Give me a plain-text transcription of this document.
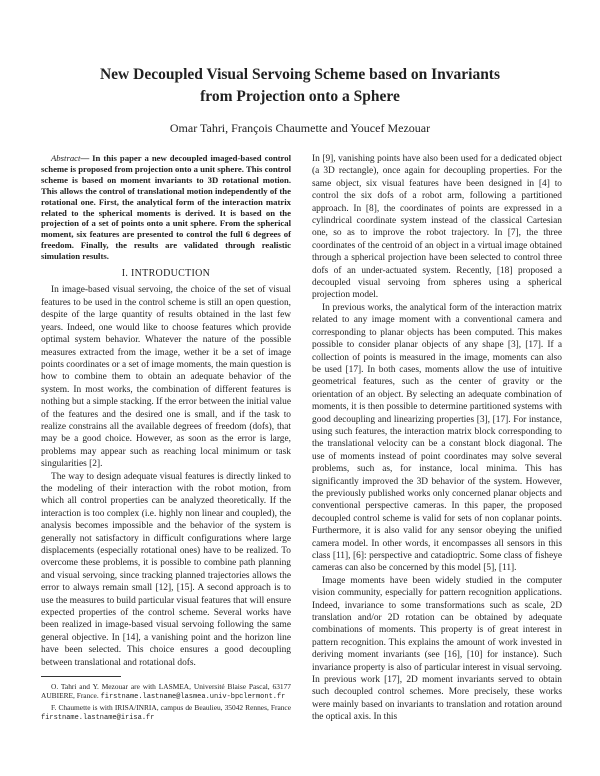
New Decoupled Visual Servoing Scheme based on Invariants
from Projection onto a Sphere
Omar Tahri, François Chaumette and Youcef Mezouar

Abstract— In this paper a new decoupled imaged-based control scheme is proposed from projection onto a unit sphere. This control scheme is based on moment invariants to 3D rotational motion. This allows the control of translational motion independently of the rotational one. First, the analytical form of the interaction matrix related to the spherical moments is derived. It is based on the projection of a set of points onto a unit sphere. From the spherical moment, six features are presented to control the full 6 degrees of freedom. Finally, the results are validated through realistic simulation results.

I. INTRODUCTION

In image-based visual servoing, the choice of the set of visual features to be used in the control scheme is still an open question, despite of the large quantity of results obtained in the last few years. Indeed, one would like to choose features which provide optimal system behavior. Whatever the nature of the possible measures extracted from the image, wether it be a set of image points coordinates or a set of image moments, the main question is how to combine them to obtain an adequate behavior of the system. In most works, the combination of different features is nothing but a simple stacking. If the error between the initial value of the features and the desired one is small, and if the task to realize constrains all the available degrees of freedom (dofs), that may be a good choice. However, as soon as the error is large, problems may appear such as reaching local minimum or task singularities [2].

The way to design adequate visual features is directly linked to the modeling of their interaction with the robot motion, from which all control properties can be analyzed theoretically. If the interaction is too complex (i.e. highly non linear and coupled), the analysis becomes impossible and the behavior of the system is generally not satisfactory in difficult configurations where large displacements (especially rotational ones) have to be realized. To overcome these problems, it is possible to combine path planning and visual servoing, since tracking planned trajectories allows the error to always remain small [12], [15]. A second approach is to use the measures to build particular visual features that will ensure expected properties of the control scheme. Several works have been realized in image-based visual servoing following the same general objective. In [14], a vanishing point and the horizon line have been selected. This choice ensures a good decoupling between translational and rotational dofs.

O. Tahri and Y. Mezouar are with LASMEA, Université Blaise Pascal, 63177 AUBIERE, France. firstname.lastname@lasmea.univ-bpclermont.fr

F. Chaumette is with IRISA/INRIA, campus de Beaulieu, 35042 Rennes, France firstname.lastname@irisa.fr

In [9], vanishing points have also been used for a dedicated object (a 3D rectangle), once again for decoupling properties. For the same object, six visual features have been designed in [4] to control the six dofs of a robot arm, following a partitioned approach. In [8], the coordinates of points are expressed in a cylindrical coordinate system instead of the classical Cartesian one, so as to improve the robot trajectory. In [7], the three coordinates of the centroid of an object in a virtual image obtained through a spherical projection have been selected to control three dofs of an under-actuated system. Recently, [18] proposed a decoupled visual servoing from spheres using a spherical projection model.

In previous works, the analytical form of the interaction matrix related to any image moment with a conventional camera and corresponding to planar objects has been computed. This makes possible to consider planar objects of any shape [3], [17]. If a collection of points is measured in the image, moments can also be used [17]. In both cases, moments allow the use of intuitive geometrical features, such as the center of gravity or the orientation of an object. By selecting an adequate combination of moments, it is then possible to determine partitioned systems with good decoupling and linearizing properties [3], [17]. For instance, using such features, the interaction matrix block corresponding to the translational velocity can be a constant block diagonal. The use of moments instead of point coordinates may solve several problems, such as, for instance, local minima. This has significantly improved the 3D behavior of the system. However, the previously published works only concerned planar objects and conventional perspective cameras. In this paper, the proposed decoupled control scheme is valid for sets of non coplanar points. Furthermore, it is also valid for any sensor obeying the unified camera model. In other words, it encompasses all sensors in this class [11], [6]: perspective and catadioptric. Some class of fisheye cameras can also be concerned by this model [5], [11].

Image moments have been widely studied in the computer vision community, especially for pattern recognition applications. Indeed, invariance to some transformations such as scale, 2D translation and/or 2D rotation can be obtained by adequate combinations of moments. This property is of great interest in pattern recognition. This explains the amount of work invested in deriving moment invariants (see [16], [10] for instance). Such invariance property is also of particular interest in visual servoing. In previous work [17], 2D moment invariants served to obtain such decoupled control schemes. More precisely, these works were mainly based on invariants to translation and rotation around the optical axis. In this
